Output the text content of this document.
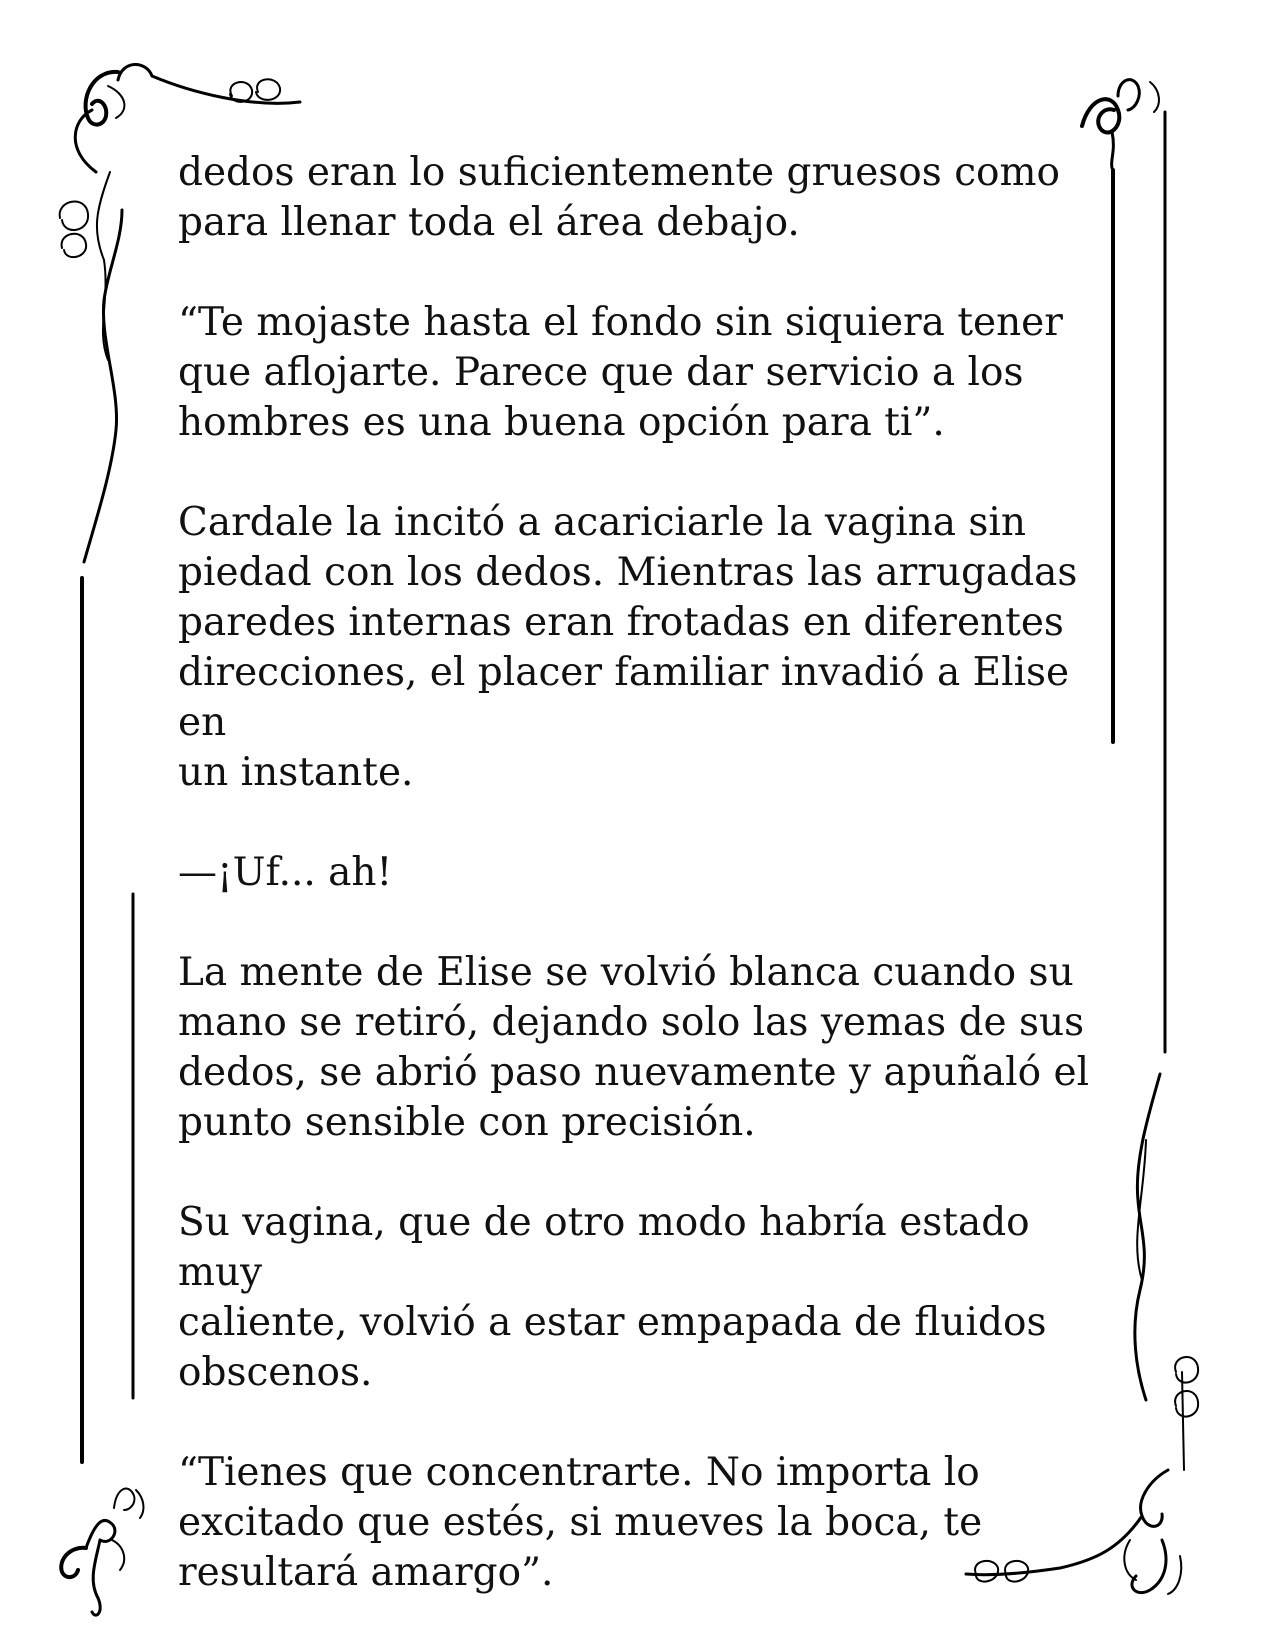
dedos eran lo suficientemente gruesos como

para llenar toda el área debajo.

“Te mojaste hasta el fondo sin siquiera tener

que aflojarte. Parece que dar servicio a los

hombres es una buena opción para ti”.

Cardale la incitó a acariciarle la vagina sin

piedad con los dedos. Mientras las arrugadas

paredes internas eran frotadas en diferentes

direcciones, el placer familiar invadió a Elise en

un instante.

—¡Uf... ah!

La mente de Elise se volvió blanca cuando su

mano se retiró, dejando solo las yemas de sus

dedos, se abrió paso nuevamente y apuñaló el

punto sensible con precisión.

Su vagina, que de otro modo habría estado muy

caliente, volvió a estar empapada de fluidos

obscenos.

“Tienes que concentrarte. No importa lo

excitado que estés, si mueves la boca, te

resultará amargo”.
